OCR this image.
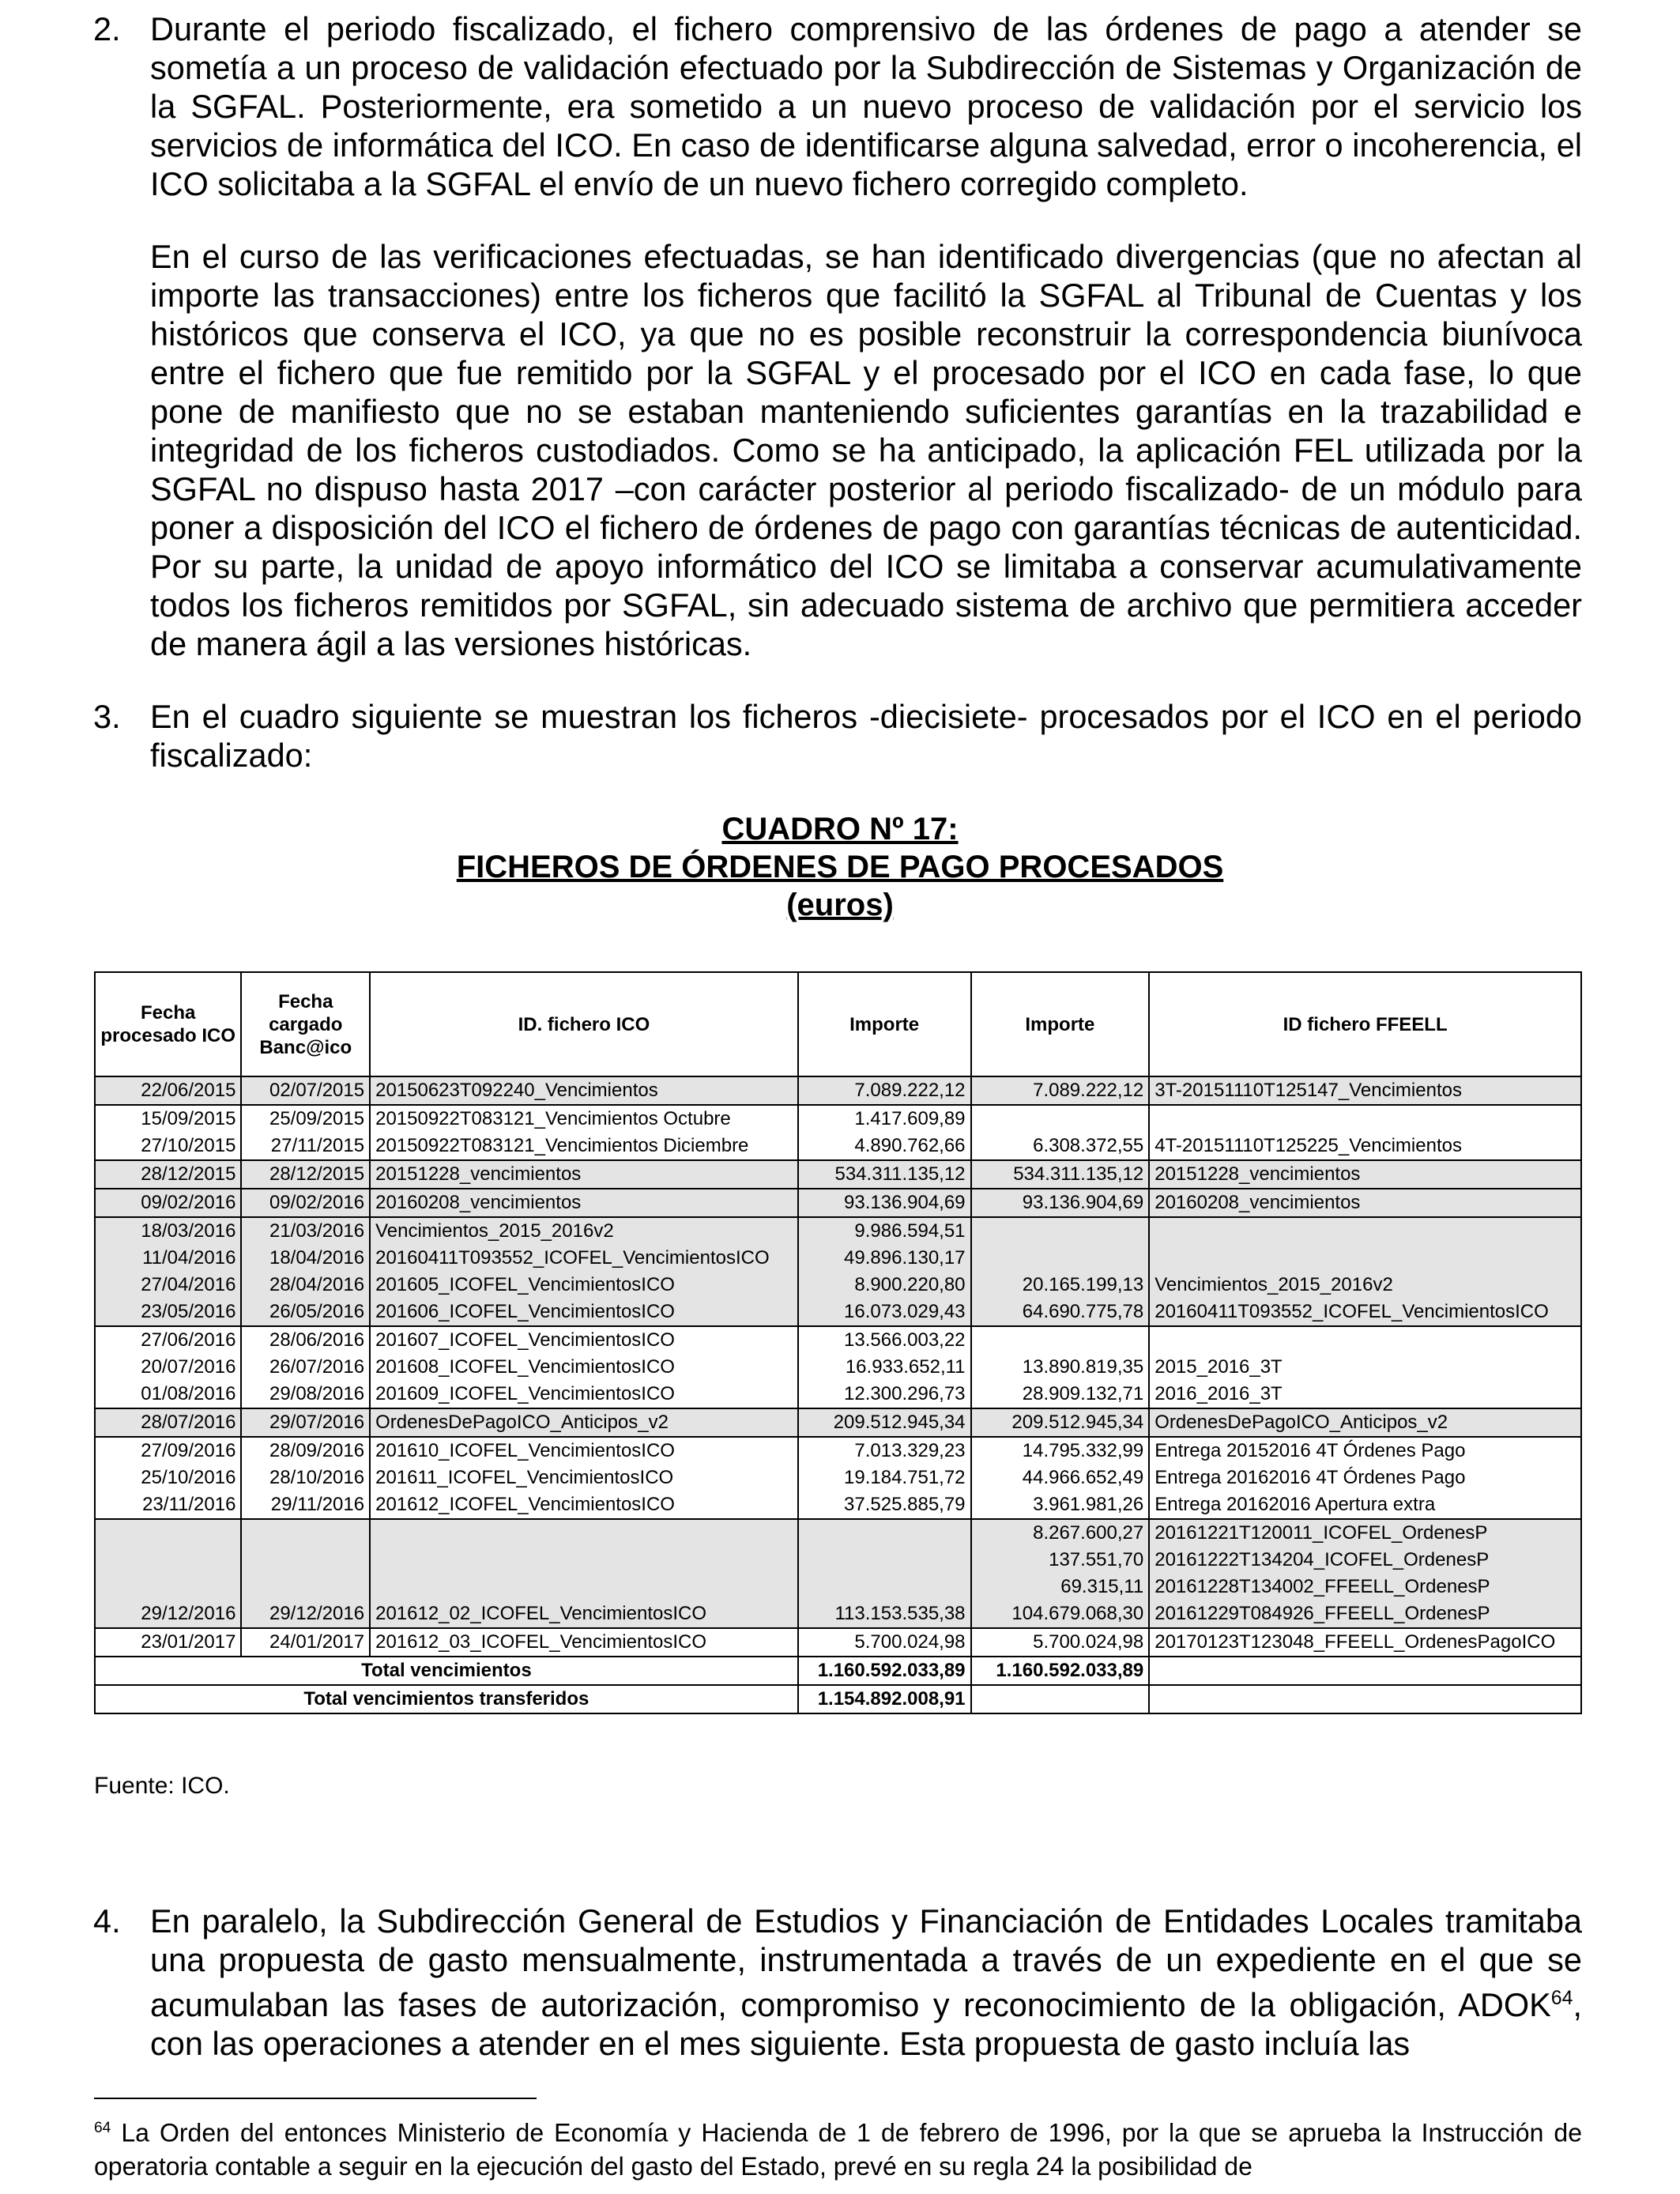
2. Durante el periodo fiscalizado, el fichero comprensivo de las órdenes de pago a atender se sometía a un proceso de validación efectuado por la Subdirección de Sistemas y Organización de la SGFAL. Posteriormente, era sometido a un nuevo proceso de validación por el servicio los servicios de informática del ICO. En caso de identificarse alguna salvedad, error o incoherencia, el ICO solicitaba a la SGFAL el envío de un nuevo fichero corregido completo.
En el curso de las verificaciones efectuadas, se han identificado divergencias (que no afectan al importe las transacciones) entre los ficheros que facilitó la SGFAL al Tribunal de Cuentas y los históricos que conserva el ICO, ya que no es posible reconstruir la correspondencia biunívoca entre el fichero que fue remitido por la SGFAL y el procesado por el ICO en cada fase, lo que pone de manifiesto que no se estaban manteniendo suficientes garantías en la trazabilidad e integridad de los ficheros custodiados. Como se ha anticipado, la aplicación FEL utilizada por la SGFAL no dispuso hasta 2017 –con carácter posterior al periodo fiscalizado- de un módulo para poner a disposición del ICO el fichero de órdenes de pago con garantías técnicas de autenticidad. Por su parte, la unidad de apoyo informático del ICO se limitaba a conservar acumulativamente todos los ficheros remitidos por SGFAL, sin adecuado sistema de archivo que permitiera acceder de manera ágil a las versiones históricas.
3. En el cuadro siguiente se muestran los ficheros -diecisiete- procesados por el ICO en el periodo fiscalizado:
CUADRO Nº 17:
FICHEROS DE ÓRDENES DE PAGO PROCESADOS
(euros)
Fecha procesado ICO	Fecha cargado Banc@ico	ID. fichero ICO	Importe	Importe	ID fichero FFEELL
22/06/2015	02/07/2015	20150623T092240_Vencimientos	7.089.222,12	7.089.222,12	3T-20151110T125147_Vencimientos
15/09/2015	25/09/2015	20150922T083121_Vencimientos Octubre	1.417.609,89		
27/10/2015	27/11/2015	20150922T083121_Vencimientos Diciembre	4.890.762,66	6.308.372,55	4T-20151110T125225_Vencimientos
28/12/2015	28/12/2015	20151228_vencimientos	534.311.135,12	534.311.135,12	20151228_vencimientos
09/02/2016	09/02/2016	20160208_vencimientos	93.136.904,69	93.136.904,69	20160208_vencimientos
18/03/2016	21/03/2016	Vencimientos_2015_2016v2	9.986.594,51		
11/04/2016	18/04/2016	20160411T093552_ICOFEL_VencimientosICO	49.896.130,17		
27/04/2016	28/04/2016	201605_ICOFEL_VencimientosICO	8.900.220,80	20.165.199,13	Vencimientos_2015_2016v2
23/05/2016	26/05/2016	201606_ICOFEL_VencimientosICO	16.073.029,43	64.690.775,78	20160411T093552_ICOFEL_VencimientosICO
27/06/2016	28/06/2016	201607_ICOFEL_VencimientosICO	13.566.003,22		
20/07/2016	26/07/2016	201608_ICOFEL_VencimientosICO	16.933.652,11	13.890.819,35	2015_2016_3T
01/08/2016	29/08/2016	201609_ICOFEL_VencimientosICO	12.300.296,73	28.909.132,71	2016_2016_3T
28/07/2016	29/07/2016	OrdenesDePagoICO_Anticipos_v2	209.512.945,34	209.512.945,34	OrdenesDePagoICO_Anticipos_v2
27/09/2016	28/09/2016	201610_ICOFEL_VencimientosICO	7.013.329,23	14.795.332,99	Entrega 20152016 4T Órdenes Pago
25/10/2016	28/10/2016	201611_ICOFEL_VencimientosICO	19.184.751,72	44.966.652,49	Entrega 20162016 4T Órdenes Pago
23/11/2016	29/11/2016	201612_ICOFEL_VencimientosICO	37.525.885,79	3.961.981,26	Entrega 20162016 Apertura extra
				8.267.600,27	20161221T120011_ICOFEL_OrdenesP
				137.551,70	20161222T134204_ICOFEL_OrdenesP
				69.315,11	20161228T134002_FFEELL_OrdenesP
29/12/2016	29/12/2016	201612_02_ICOFEL_VencimientosICO	113.153.535,38	104.679.068,30	20161229T084926_FFEELL_OrdenesP
23/01/2017	24/01/2017	201612_03_ICOFEL_VencimientosICO	5.700.024,98	5.700.024,98	20170123T123048_FFEELL_OrdenesPagoICO
Total vencimientos			1.160.592.033,89	1.160.592.033,89	
Total vencimientos transferidos			1.154.892.008,91		
Fuente: ICO.
4. En paralelo, la Subdirección General de Estudios y Financiación de Entidades Locales tramitaba una propuesta de gasto mensualmente, instrumentada a través de un expediente en el que se acumulaban las fases de autorización, compromiso y reconocimiento de la obligación, ADOK$^{64}$, con las operaciones a atender en el mes siguiente. Esta propuesta de gasto incluía las
$^{64}$ La Orden del entonces Ministerio de Economía y Hacienda de 1 de febrero de 1996, por la que se aprueba la Instrucción de operatoria contable a seguir en la ejecución del gasto del Estado, prevé en su regla 24 la posibilidad de
